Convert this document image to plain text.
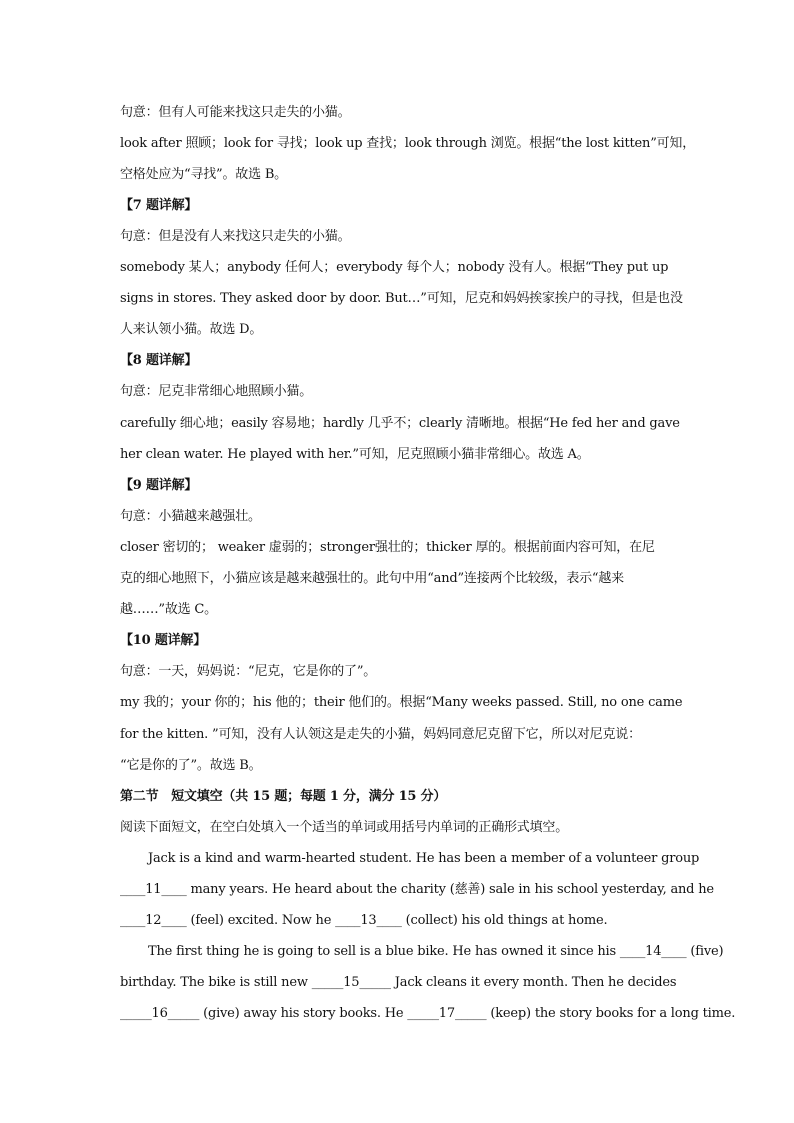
句意：但有人可能来找这只走失的小猫。
look after 照顾；look for 寻找；look up 查找；look through 浏览。根据“the lost kitten”可知，
空格处应为“寻找”。故选 B。
【7 题详解】
句意：但是没有人来找这只走失的小猫。
somebody 某人；anybody 任何人；everybody 每个人；nobody 没有人。根据“They put up
signs in stores. They asked door by door. But…”可知，尼克和妈妈挨家挨户的寻找，但是也没
人来认领小猫。故选 D。
【8 题详解】
句意：尼克非常细心地照顾小猫。
carefully 细心地；easily 容易地；hardly 几乎不；clearly 清晰地。根据“He fed her and gave
her clean water. He played with her.”可知，尼克照顾小猫非常细心。故选 A。
【9 题详解】
句意：小猫越来越强壮。
closer 密切的； weaker 虚弱的；stronger强壮的；thicker 厚的。根据前面内容可知，在尼
克的细心地照下，小猫应该是越来越强壮的。此句中用“and”连接两个比较级，表示“越来
越……”故选 C。
【10 题详解】
句意：一天，妈妈说：“尼克，它是你的了”。
my 我的；your 你的；his 他的；their 他们的。根据“Many weeks passed. Still, no one came
for the kitten. ”可知，没有人认领这是走失的小猫，妈妈同意尼克留下它，所以对尼克说：
“它是你的了”。故选 B。
第二节　短文填空（共 15 题；每题 1 分，满分 15 分）
阅读下面短文，在空白处填入一个适当的单词或用括号内单词的正确形式填空。
Jack is a kind and warm-hearted student. He has been a member of a volunteer group
____11____ many years. He heard about the charity (慈善) sale in his school yesterday, and he
____12____ (feel) excited. Now he ____13____ (collect) his old things at home.
The first thing he is going to sell is a blue bike. He has owned it since his ____14____ (five)
birthday. The bike is still new _____15_____ Jack cleans it every month. Then he decides
_____16_____ (give) away his story books. He _____17_____ (keep) the story books for a long time.
